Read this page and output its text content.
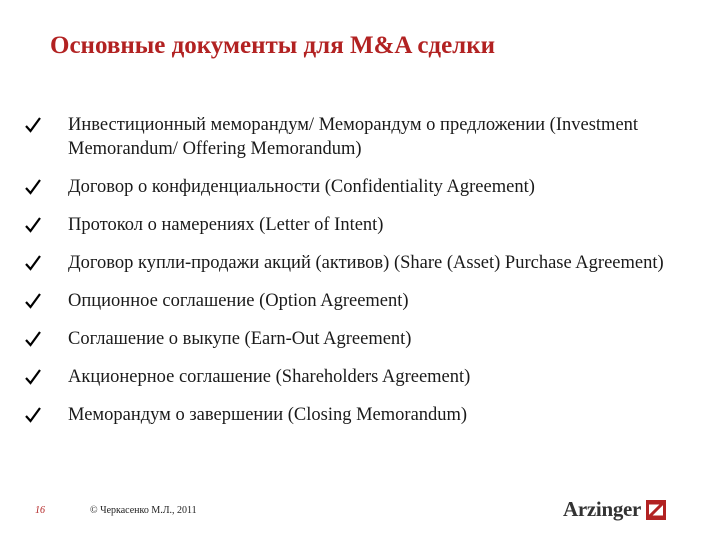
Основные документы для M&A сделки
Инвестиционный меморандум/ Меморандум о предложении (Investment Memorandum/ Offering Memorandum)
Договор о конфиденциальности (Confidentiality Agreement)
Протокол о намерениях (Letter of Intent)
Договор купли-продажи акций (активов) (Share (Asset) Purchase Agreement)
Опционное соглашение (Option Agreement)
Соглашение о выкупе (Earn-Out Agreement)
Акционерное соглашение (Shareholders Agreement)
Меморандум о завершении (Closing Memorandum)
16	© Черкасенко М.Л., 2011	Arzinger
